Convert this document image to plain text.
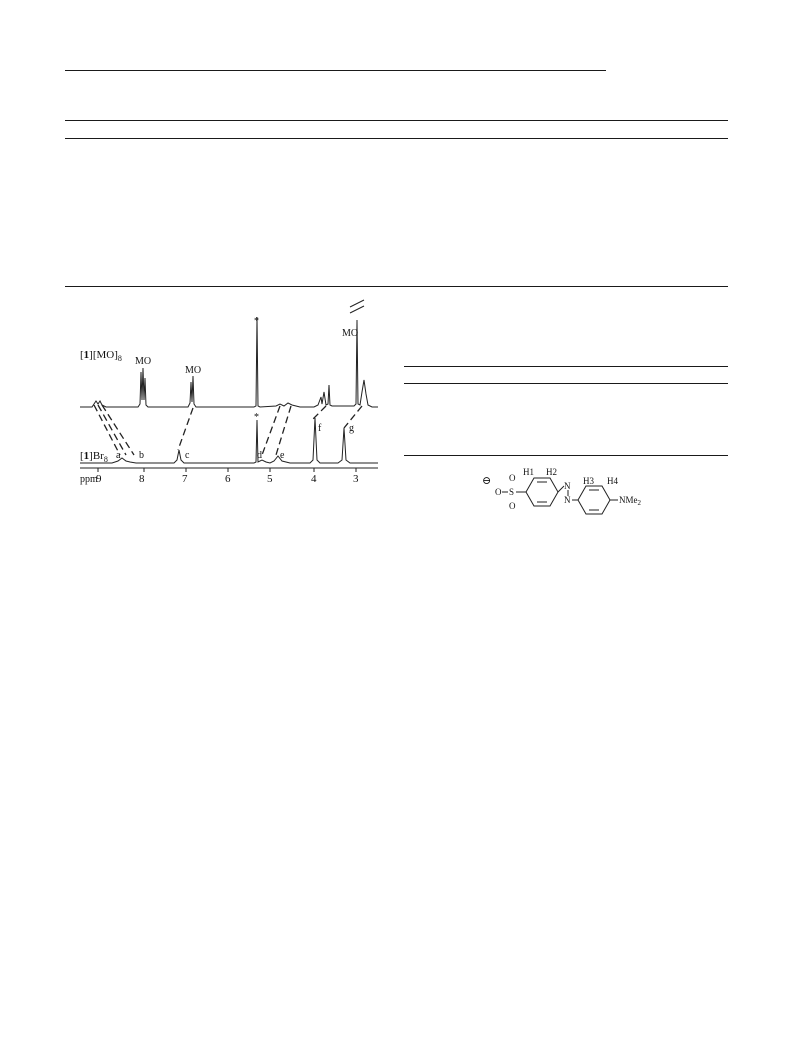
$[1][MO]_8$
$[1]Br_8$
MO
MO
MO
*
*
a b	c	d e
f	g
ppm
9	8	7	6	5	4	3	⊖ O
S
O
O
H1 H2
N
N
H3 H4
NMe$_2$
